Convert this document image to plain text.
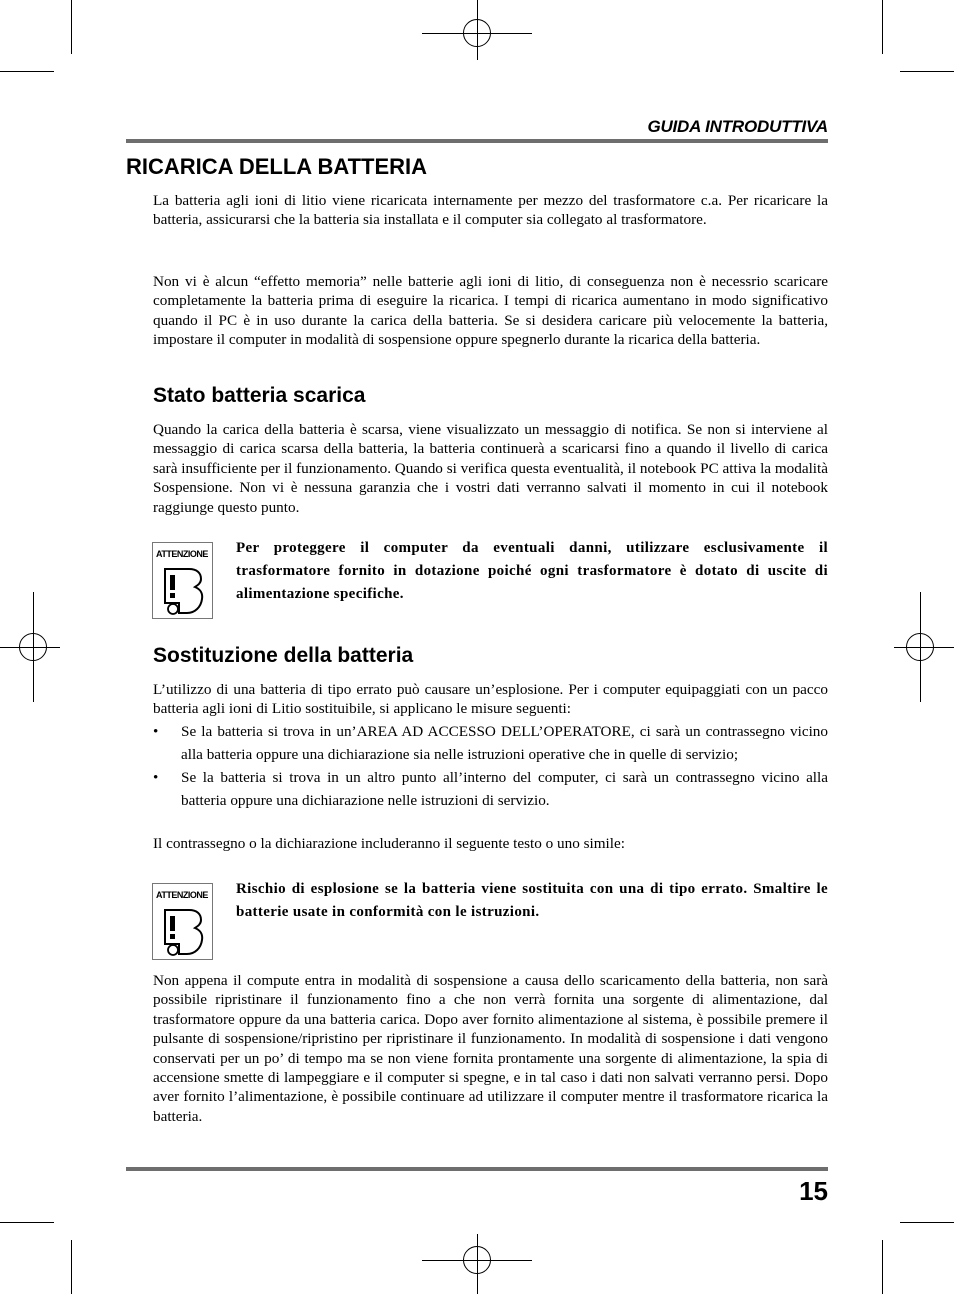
GUIDA INTRODUTTIVA
RICARICA DELLA BATTERIA
La batteria agli ioni di litio viene ricaricata internamente per mezzo del trasformatore c.a. Per ricaricare la batteria, assicurarsi che la batteria sia installata e il computer sia collegato al trasformatore.
Non vi è alcun “effetto memoria” nelle batterie agli ioni di litio, di conseguenza non è necessrio scaricare completamente la batteria prima di eseguire la ricarica. I tempi di ricarica aumentano in modo significativo quando il PC è in uso durante la carica della batteria. Se si desidera caricare più velocemente la batteria, impostare il computer in modalità di sospensione oppure spegnerlo durante la ricarica della batteria.
Stato batteria scarica
Quando la carica della batteria è scarsa, viene visualizzato un messaggio di notifica. Se non si interviene al messaggio di carica scarsa della batteria, la batteria continuerà a scaricarsi fino a quando il livello di carica sarà insufficiente per il funzionamento. Quando si verifica questa eventualità, il notebook PC attiva la modalità Sospensione. Non vi è nessuna garanzia che i vostri dati verranno salvati il momento in cui il notebook raggiunge questo punto.
ATTENZIONE Per proteggere il computer da eventuali danni, utilizzare esclusivamente il trasformatore fornito in dotazione poiché ogni trasformatore è dotato di uscite di alimentazione specifiche.
Sostituzione della batteria
L’utilizzo di una batteria di tipo errato può causare un’esplosione. Per i computer equipaggiati con un pacco batteria agli ioni di Litio sostituibile, si applicano le misure seguenti:
• Se la batteria si trova in un’AREA AD ACCESSO DELL’OPERATORE, ci sarà un contrassegno vicino alla batteria oppure una dichiarazione sia nelle istruzioni operative che in quelle di servizio;
• Se la batteria si trova in un altro punto all’interno del computer, ci sarà un contrassegno vicino alla batteria oppure una dichiarazione nelle istruzioni di servizio.
Il contrassegno o la dichiarazione includeranno il seguente testo o uno simile:
ATTENZIONE Rischio di esplosione se la batteria viene sostituita con una di tipo errato. Smaltire le batterie usate in conformità con le istruzioni.
Non appena il compute entra in modalità di sospensione a causa dello scaricamento della batteria, non sarà possibile ripristinare il funzionamento fino a che non verrà fornita una sorgente di alimentazione, dal trasformatore oppure da una batteria carica. Dopo aver fornito alimentazione al sistema, è possibile premere il pulsante di sospensione/ripristino per ripristinare il funzionamento. In modalità di sospensione i dati vengono conservati per un po’ di tempo ma se non viene fornita prontamente una sorgente di alimentazione, la spia di accensione smette di lampeggiare e il computer si spegne, e in tal caso i dati non salvati verranno persi. Dopo aver fornito l’alimentazione, è possibile continuare ad utilizzare il computer mentre il trasformatore ricarica la batteria.
15
